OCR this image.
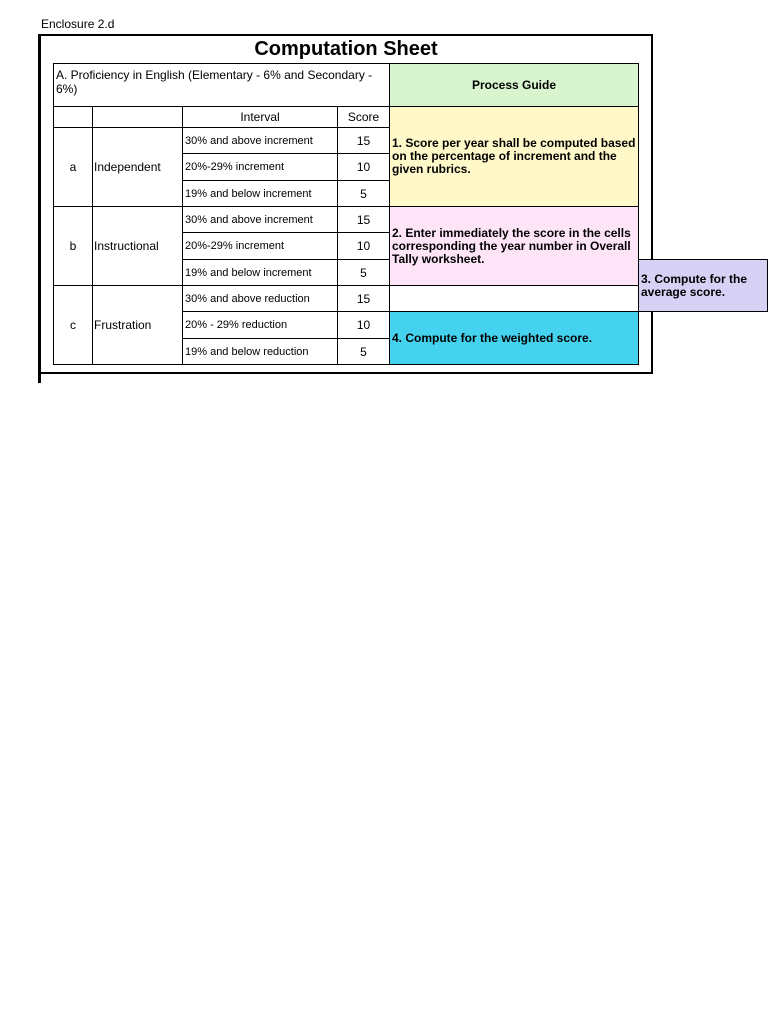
Enclosure 2.d
Computation Sheet
A. Proficiency in English (Elementary - 6% and Secondary - 6%)				Process Guide	
		Interval	Score	1. Score per year shall be computed based on the percentage of increment and the given rubrics.	
a	Independent	30% and above increment	15		
		20%-29% increment	10		
		19% and below increment	5		
b	Instructional	30% and above increment	15	2. Enter immediately the score in the cells corresponding the year number in Overall Tally worksheet.	
		20%-29% increment	10		
		19% and below increment	5		3. Compute for the average score.
c	Frustration	30% and above reduction	15		
		20% - 29% reduction	10	4. Compute for the weighted score.	
		19% and below reduction	5		
